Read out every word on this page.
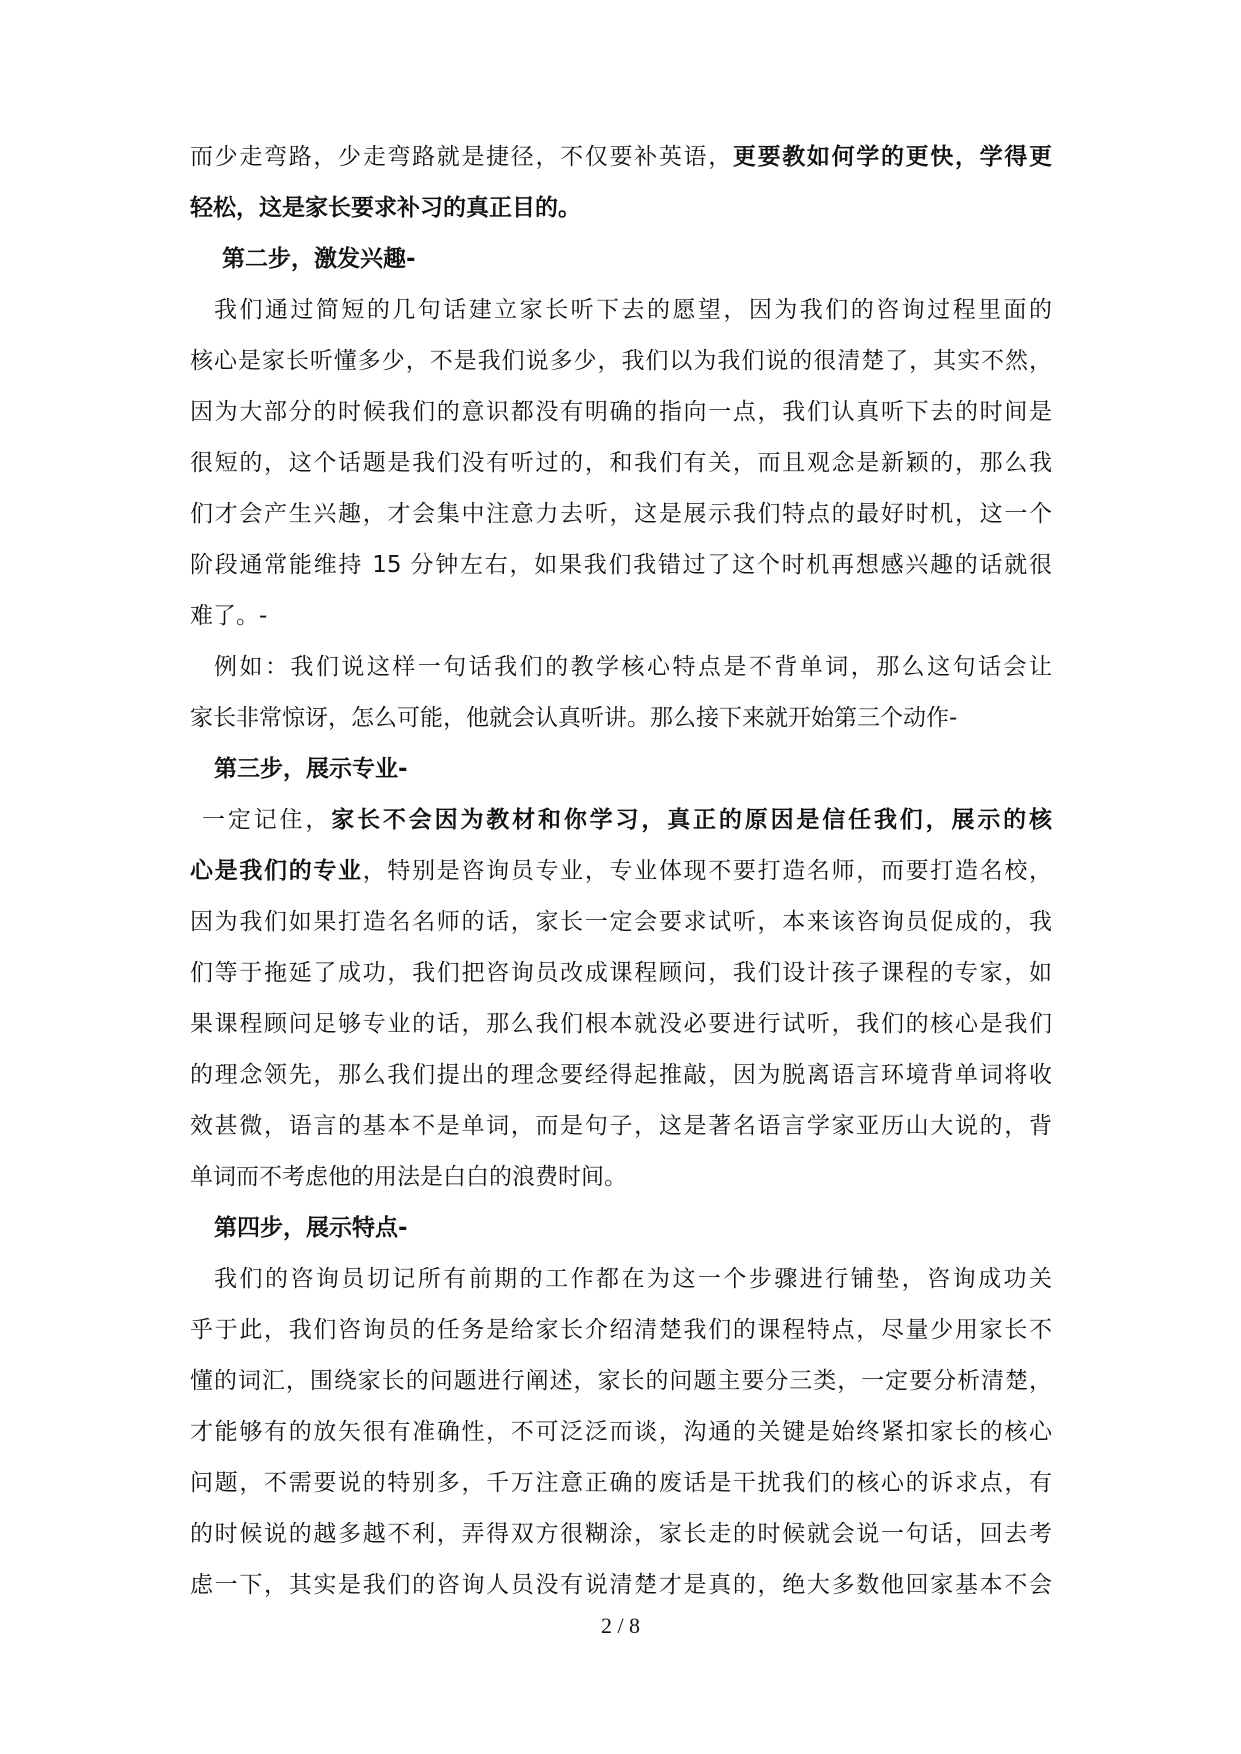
而少走弯路，少走弯路就是捷径，不仅要补英语，更要教如何学的更快，学得更
轻松，这是家长要求补习的真正目的。
第二步，激发兴趣-
我们通过简短的几句话建立家长听下去的愿望，因为我们的咨询过程里面的
核心是家长听懂多少，不是我们说多少，我们以为我们说的很清楚了，其实不然，
因为大部分的时候我们的意识都没有明确的指向一点，我们认真听下去的时间是
很短的，这个话题是我们没有听过的，和我们有关，而且观念是新颖的，那么我
们才会产生兴趣，才会集中注意力去听，这是展示我们特点的最好时机，这一个
阶段通常能维持 15 分钟左右，如果我们我错过了这个时机再想感兴趣的话就很
难了。-
例如：我们说这样一句话我们的教学核心特点是不背单词，那么这句话会让
家长非常惊讶，怎么可能，他就会认真听讲。那么接下来就开始第三个动作-
第三步，展示专业-
一定记住，家长不会因为教材和你学习，真正的原因是信任我们，展示的核
心是我们的专业，特别是咨询员专业，专业体现不要打造名师，而要打造名校，
因为我们如果打造名名师的话，家长一定会要求试听，本来该咨询员促成的，我
们等于拖延了成功，我们把咨询员改成课程顾问，我们设计孩子课程的专家，如
果课程顾问足够专业的话，那么我们根本就没必要进行试听，我们的核心是我们
的理念领先，那么我们提出的理念要经得起推敲，因为脱离语言环境背单词将收
效甚微，语言的基本不是单词，而是句子，这是著名语言学家亚历山大说的，背
单词而不考虑他的用法是白白的浪费时间。
第四步，展示特点-
我们的咨询员切记所有前期的工作都在为这一个步骤进行铺垫，咨询成功关
乎于此，我们咨询员的任务是给家长介绍清楚我们的课程特点，尽量少用家长不
懂的词汇，围绕家长的问题进行阐述，家长的问题主要分三类，一定要分析清楚，
才能够有的放矢很有准确性，不可泛泛而谈，沟通的关键是始终紧扣家长的核心
问题，不需要说的特别多，千万注意正确的废话是干扰我们的核心的诉求点，有
的时候说的越多越不利，弄得双方很糊涂，家长走的时候就会说一句话，回去考
虑一下，其实是我们的咨询人员没有说清楚才是真的，绝大多数他回家基本不会
2 / 8
